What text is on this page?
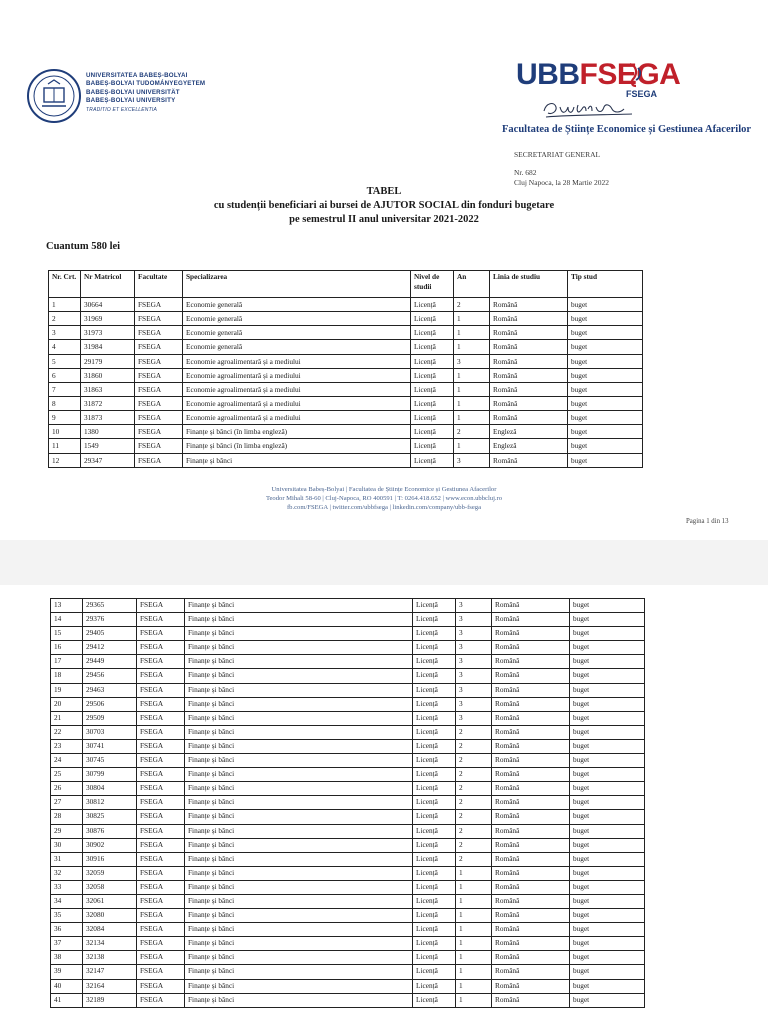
UNIVERSITATEA BABEȘ-BOLYAI
BABEȘ-BOLYAI TUDOMÁNYEGYETEM
BABEȘ-BOLYAI UNIVERSITÄT
BABEȘ-BOLYAI UNIVERSITY
TRADITIO ET EXCELLENTIA
UBBFSEGA
FSEGA
Facultatea de Științe Economice și Gestiunea Afacerilor
SECRETARIAT GENERAL
Nr. 682
Cluj Napoca, la 28 Martie 2022
TABEL
cu studenții beneficiari ai bursei de AJUTOR SOCIAL din fonduri bugetare
pe semestrul II anul universitar 2021-2022
Cuantum 580 lei
Nr. Crt.	Nr Matricol	Facultate	Specializarea	Nivel de studii	An	Linia de studiu	Tip stud
1	30664	FSEGA	Economie generală	Licență	2	Română	buget
2	31969	FSEGA	Economie generală	Licență	1	Română	buget
3	31973	FSEGA	Economie generală	Licență	1	Română	buget
4	31984	FSEGA	Economie generală	Licență	1	Română	buget
5	29179	FSEGA	Economie agroalimentară și a mediului	Licență	3	Română	buget
6	31860	FSEGA	Economie agroalimentară și a mediului	Licență	1	Română	buget
7	31863	FSEGA	Economie agroalimentară și a mediului	Licență	1	Română	buget
8	31872	FSEGA	Economie agroalimentară și a mediului	Licență	1	Română	buget
9	31873	FSEGA	Economie agroalimentară și a mediului	Licență	1	Română	buget
10	1380	FSEGA	Finanțe și bănci (în limba engleză)	Licență	2	Engleză	buget
11	1549	FSEGA	Finanțe și bănci (în limba engleză)	Licență	1	Engleză	buget
12	29347	FSEGA	Finanțe și bănci	Licență	3	Română	buget
Universitatea Babeș-Bolyai | Facultatea de Științe Economice și Gestiunea Afacerilor
Teodor Mihali 58-60 | Cluj-Napoca, RO 400591 | T: 0264.418.652 | www.econ.ubbcluj.ro
fb.com/FSEGA | twitter.com/ubbfsega | linkedin.com/company/ubb-fsega
Pagina 1 din 13
13	29365	FSEGA	Finanțe și bănci	Licență	3	Română	buget
14	29376	FSEGA	Finanțe și bănci	Licență	3	Română	buget
15	29405	FSEGA	Finanțe și bănci	Licență	3	Română	buget
16	29412	FSEGA	Finanțe și bănci	Licență	3	Română	buget
17	29449	FSEGA	Finanțe și bănci	Licență	3	Română	buget
18	29456	FSEGA	Finanțe și bănci	Licență	3	Română	buget
19	29463	FSEGA	Finanțe și bănci	Licență	3	Română	buget
20	29506	FSEGA	Finanțe și bănci	Licență	3	Română	buget
21	29509	FSEGA	Finanțe și bănci	Licență	3	Română	buget
22	30703	FSEGA	Finanțe și bănci	Licență	2	Română	buget
23	30741	FSEGA	Finanțe și bănci	Licență	2	Română	buget
24	30745	FSEGA	Finanțe și bănci	Licență	2	Română	buget
25	30799	FSEGA	Finanțe și bănci	Licență	2	Română	buget
26	30804	FSEGA	Finanțe și bănci	Licență	2	Română	buget
27	30812	FSEGA	Finanțe și bănci	Licență	2	Română	buget
28	30825	FSEGA	Finanțe și bănci	Licență	2	Română	buget
29	30876	FSEGA	Finanțe și bănci	Licență	2	Română	buget
30	30902	FSEGA	Finanțe și bănci	Licență	2	Română	buget
31	30916	FSEGA	Finanțe și bănci	Licență	2	Română	buget
32	32059	FSEGA	Finanțe și bănci	Licență	1	Română	buget
33	32058	FSEGA	Finanțe și bănci	Licență	1	Română	buget
34	32061	FSEGA	Finanțe și bănci	Licență	1	Română	buget
35	32080	FSEGA	Finanțe și bănci	Licență	1	Română	buget
36	32084	FSEGA	Finanțe și bănci	Licență	1	Română	buget
37	32134	FSEGA	Finanțe și bănci	Licență	1	Română	buget
38	32138	FSEGA	Finanțe și bănci	Licență	1	Română	buget
39	32147	FSEGA	Finanțe și bănci	Licență	1	Română	buget
40	32164	FSEGA	Finanțe și bănci	Licență	1	Română	buget
41	32189	FSEGA	Finanțe și bănci	Licență	1	Română	buget
